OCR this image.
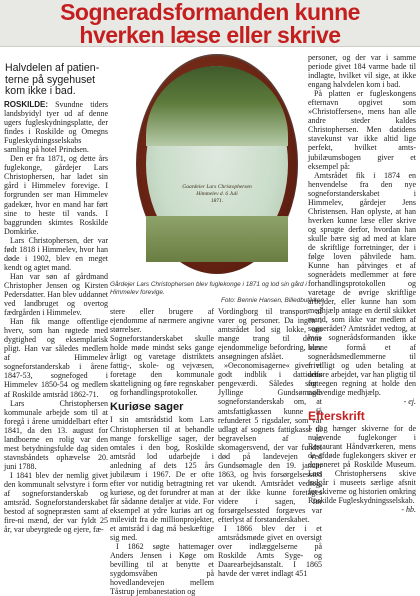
Sogneradsformanden kunne
hverken læse eller skrive
Halvdelen af patien-
terne på sygehuset
kom ikke i bad.

ROSKILDE: Svundne tiders landsbyidyl tyer ud af denne ugers fugleskydningsplatte, der findes i Roskilde og Omegns Fugleskydningsselskabs samling på hotel Prindsen.

Den er fra 1871, og dette års fuglekonge, gårdejer Lars Christophersen, har ladet sin gård i Himmelev forevige. I forgrunden ser man Himmelev gadekær, hvor en mand har ført sine to heste til vands. I baggrunden skimtes Roskilde Domkirke.

Lars Christophersen, der var født 1818 i Himmelev, hvor han døde i 1902, blev en meget kendt og agtet mand.

Han var søn af gårdmand Christopher Jensen og Kirsten Pedersdatter. Han blev uddannet ved landbruget og overtog fædrgården i Himmelev.

Han fik mange offentlige hverv, som han røgtede med dygtighed og eksemplarisk pligt. Han var således medlem af Himmelev sogneforstanderskab i årene 1847-53, sognefoged i Himmelev 1850-54 og medlem af Roskilde amtsråd 1862-71.

Lars Christophersen kommunale arbejde som til at foregå i årene umiddelbart efter 1841, da den 13. august for landboerne en rolig var den mest betydningsfulde dag siden stavnsbåndets ophævelse 20. juni 1788.

I 1841 blev der nemlig givet den kommunalt selvstyre i form af sogneforstanderskab og amtsråd. Sogneforstanderskabet bestod af sognepræsten samt af fire-ni mænd, der var fyldt 25 år, var ubeyrgtede og ejere, fæ-

Gaardeier Lars Christophersen
Himmelev d. 6 Juli
1871.
Gårdejer Lars Christophersen blev fuglekonge i 1871 og lod sin gård i Himmelev forevige.
Foto: Bennie Hansen, Billedbutikken

stere eller brugere af ejendomme af nærmere angivne størrelser. Sogneforstanderskabet skulle holde møde mindst seks gange årligt og varetage distriktets fattig-, skole- og vejvæsen, foretage den kommunale skatteligning og føre regnskaber og forhandlingsprotokoller.

Kuriøse sager

I sin amtsrådstid kom Lars Christophersen til at behandle mange forskellige sager, der omtales i den bog, Roskilde amtsråd lod udarbejde i anledning af dets 125 års jubilæum i 1967. De er ofte efter vor nutidig betragtning ret kuriøse, og det forundrer at man får sådanne detaljer at vide. For eksempel at ydre kuriøs art og milevidt fra de millionprojekter, et amtsråd i dag må beskæftige sig med.

I 1862 søgte hattemager Anders Jensen i Køge om bevilling til at benytte et sygdomsvåben på hovedlandevejen mellem Tåstrup jernbanestation og

Vordingborg til transport af varer og personer. Da ingen i amtsrådet lod sig lokke, om mange trang til denne ejendommelige befordring, blev ansøgningen afslået.

»Oeconomisagerne« giver et godt indblik i dattidens pengeværdi. Således søgte Jyllinge Gundsømagle sogneforstanderskab om, at amtsfattigkassen kunne få refunderet 5 rigsdaler, som var udlagt af sognets fattigkasse til begravelsen af en skomagersvend, der var fundet død på landevejen ved Gundsømagle den 19. januar 1863, og hvis forsørgelsessted var ukendt. Amtsrådet vedtog, at der ikke kunne foretages videre i sagen, før forsørgelsessted forgæves var efterlyst af forstanderskabet.

I 1866 blev der i et amtsrådsmøde givet en oversigt over indlæggelserne på Roskilde Amts Syge- og Daarearbejdsanstalt. I 1865 havde der været indlagt 451

personer, og der var i samme periode givet 184 varme bade til indlagte, hvilket vil sige, at ikke engang halvdelen kom i bad.

På platten er fugleskongens efternavn opgivet som »Christoffersen«, mens han alle andre steder kaldes Christophersen. Men datidens stavekunst var ikke altid lige perfekt, hvilket amts-jubilæumsbogen giver et eksempel på:

Amtsrådet fik i 1874 en henvendelse fra den nye sogneforstanderskabet i Himmelev, gårdejer Jens Christensen. Han oplyste, at han hverken kunne læse eller skrive og sprugte derfor, hvordan han skulle bære sig ad med at klare de skriftlige forretninger, der i følge loven påhvilede ham. Kunne han påtvinges et af sognerådets medlemmer at føre forhandlingsprotokollen og varetage de øvrige skriftlige arbejder, eller kunne han som medhjælp antage en dertil skikket mand, som ikke var medlem af sognerådet? Amtsrådet vedtog, at hvis sognerådsformanden ikke kunne formå et af sognerådsmedlemmerne til frivilligt og uden betaling at udføre arbejdet, var han pligtig til for egen regning at holde den nødvendige medhjælp.

- ej.
Efterskrift

I dag hænger skiverne for de nulevende fuglekonger i Restaurant Håndværkeren, mens de afdøde fuglekongers skiver er deponeret på Roskilde Museum. Lars Christophersens skive indgår i museets særlige afsnit for skiverne og historien omkring Roskilde Fugleskydningsselskab.

- hb.
